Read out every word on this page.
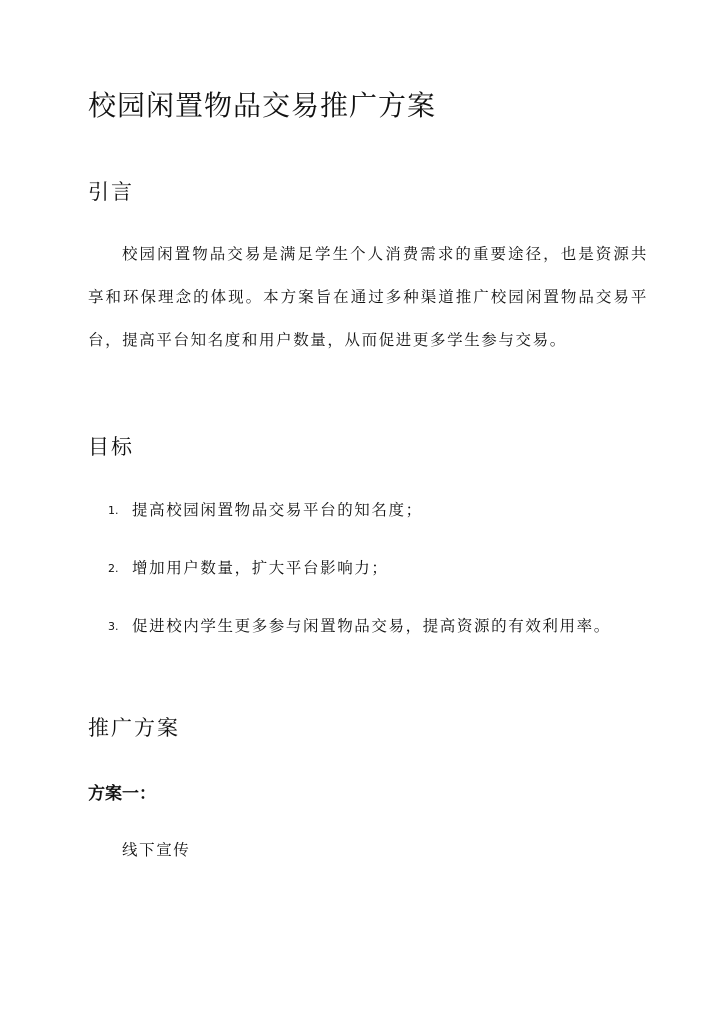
校园闲置物品交易推广方案
引言

校园闲置物品交易是满足学生个人消费需求的重要途径，也是资源共享和环保理念的体现。本方案旨在通过多种渠道推广校园闲置物品交易平台，提高平台知名度和用户数量，从而促进更多学生参与交易。

目标
1. 提高校园闲置物品交易平台的知名度；
2. 增加用户数量，扩大平台影响力；
3. 促进校内学生更多参与闲置物品交易，提高资源的有效利用率。
推广方案
方案一：

线下宣传
